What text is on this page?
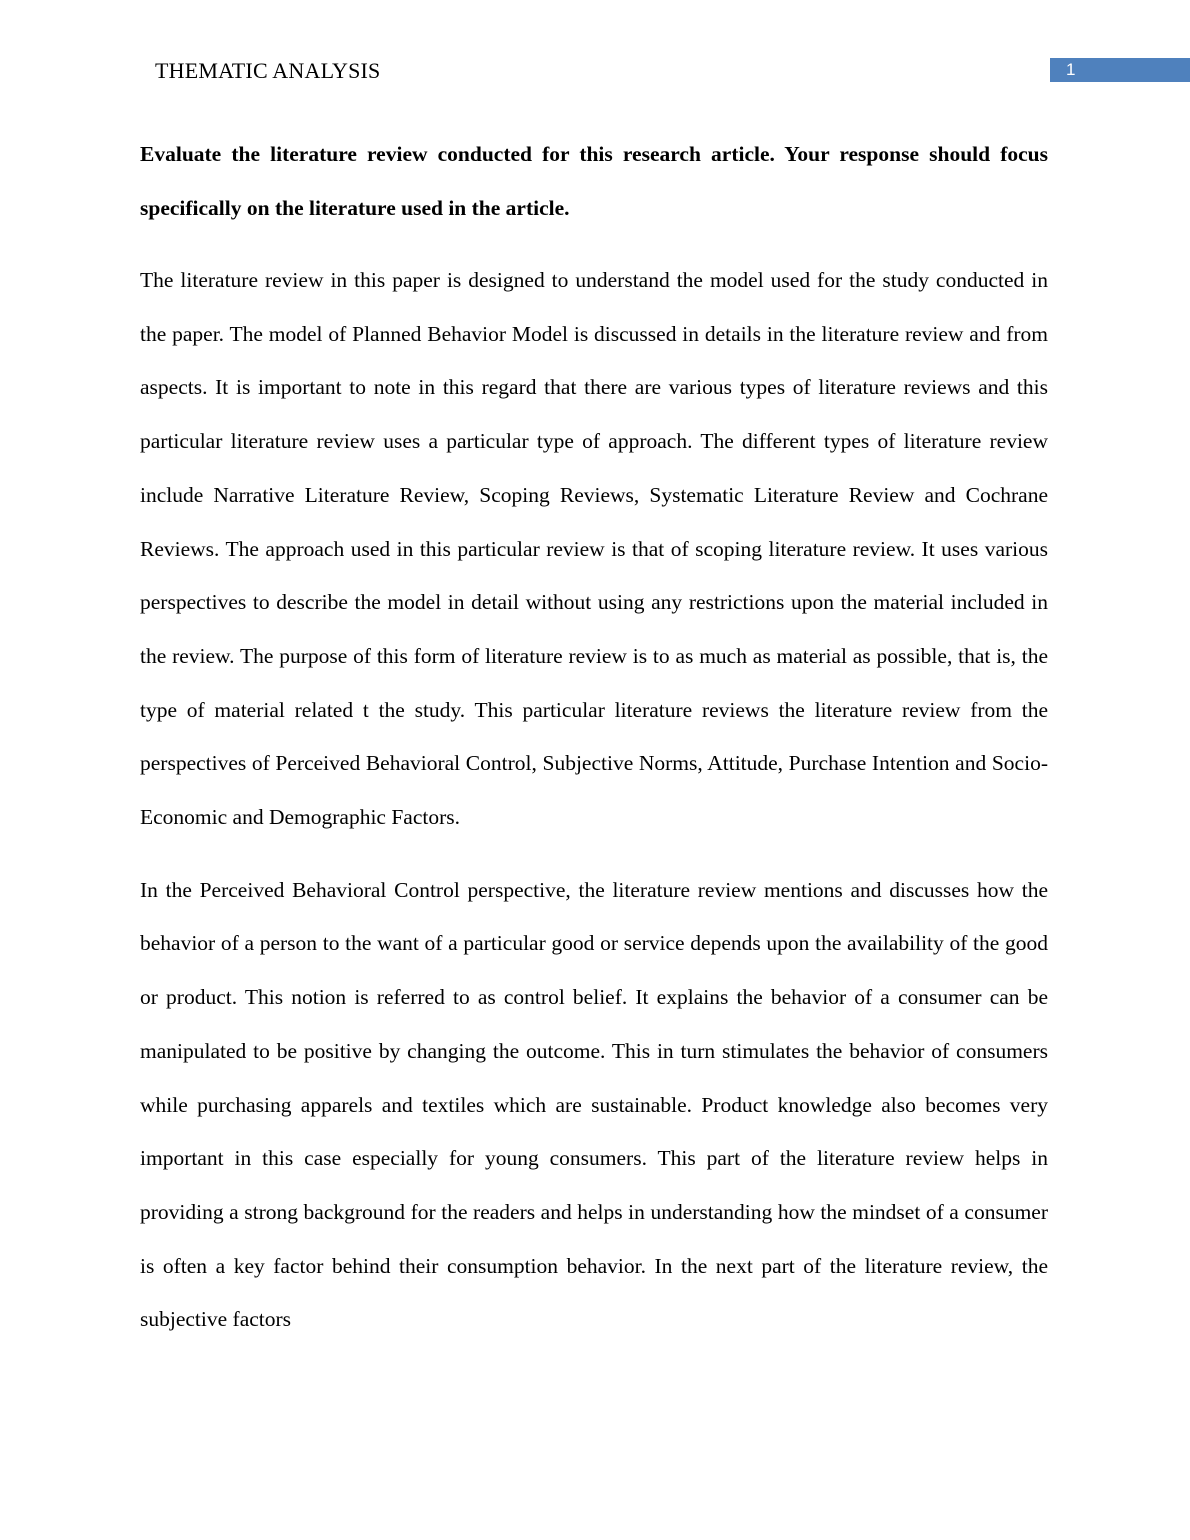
THEMATIC ANALYSIS	1

Evaluate the literature review conducted for this research article. Your response should focus specifically on the literature used in the article.

The literature review in this paper is designed to understand the model used for the study conducted in the paper. The model of Planned Behavior Model is discussed in details in the literature review and from aspects. It is important to note in this regard that there are various types of literature reviews and this particular literature review uses a particular type of approach. The different types of literature review include Narrative Literature Review, Scoping Reviews, Systematic Literature Review and Cochrane Reviews. The approach used in this particular review is that of scoping literature review. It uses various perspectives to describe the model in detail without using any restrictions upon the material included in the review. The purpose of this form of literature review is to as much as material as possible, that is, the type of material related t the study. This particular literature reviews the literature review from the perspectives of Perceived Behavioral Control, Subjective Norms, Attitude, Purchase Intention and Socio-Economic and Demographic Factors.

In the Perceived Behavioral Control perspective, the literature review mentions and discusses how the behavior of a person to the want of a particular good or service depends upon the availability of the good or product. This notion is referred to as control belief. It explains the behavior of a consumer can be manipulated to be positive by changing the outcome. This in turn stimulates the behavior of consumers while purchasing apparels and textiles which are sustainable. Product knowledge also becomes very important in this case especially for young consumers. This part of the literature review helps in providing a strong background for the readers and helps in understanding how the mindset of a consumer is often a key factor behind their consumption behavior. In the next part of the literature review, the subjective factors
